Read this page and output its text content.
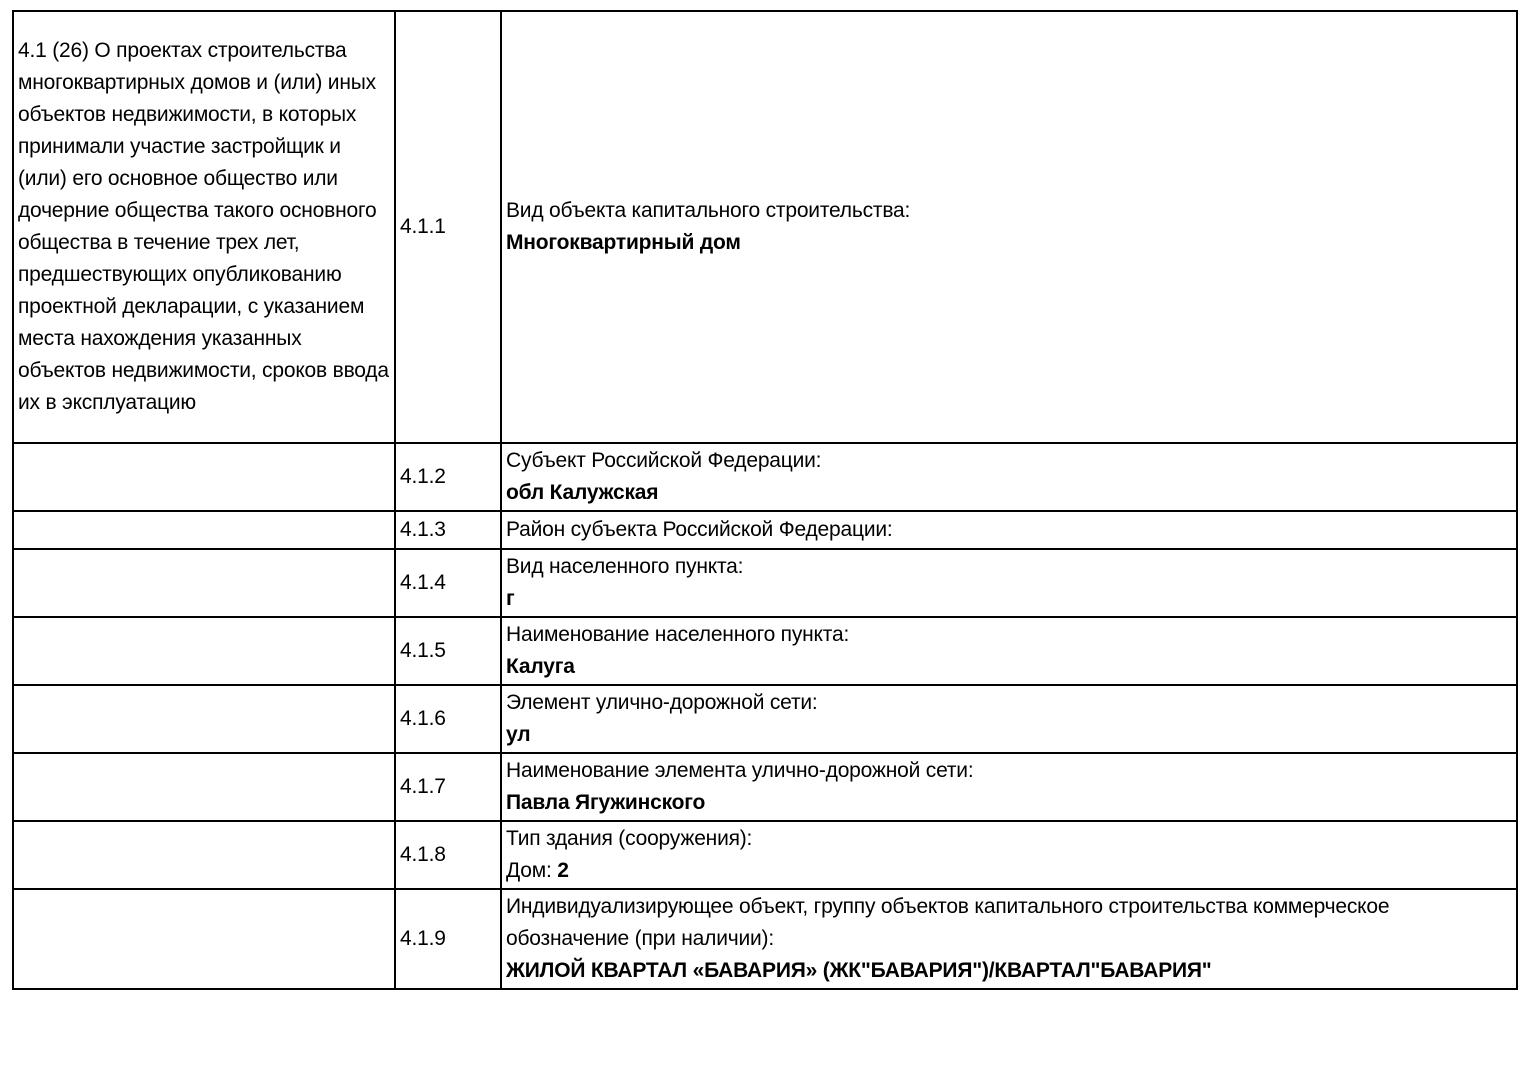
4.1 (26) О проектах строительства многоквартирных домов и (или) иных объектов недвижимости, в которых принимали участие застройщик и (или) его основное общество или дочерние общества такого основного общества в течение трех лет, предшествующих опубликованию проектной декларации, с указанием места нахождения указанных объектов недвижимости, сроков ввода их в эксплуатацию	4.1.1	Вид объекта капитального строительства:
Многоквартирный дом

	4.1.2	Субъект Российской Федерации:
обл Калужская

	4.1.3	Район субъекта Российской Федерации:

	4.1.4	Вид населенного пункта:
г

	4.1.5	Наименование населенного пункта:
Калуга

	4.1.6	Элемент улично-дорожной сети:
ул

	4.1.7	Наименование элемента улично-дорожной сети:
Павла Ягужинского

	4.1.8	Тип здания (сооружения):
Дом: 2

	4.1.9	Индивидуализирующее объект, группу объектов капитального строительства коммерческое обозначение (при наличии):
ЖИЛОЙ КВАРТАЛ «БАВАРИЯ» (ЖК"БАВАРИЯ")/КВАРТАЛ"БАВАРИЯ"
